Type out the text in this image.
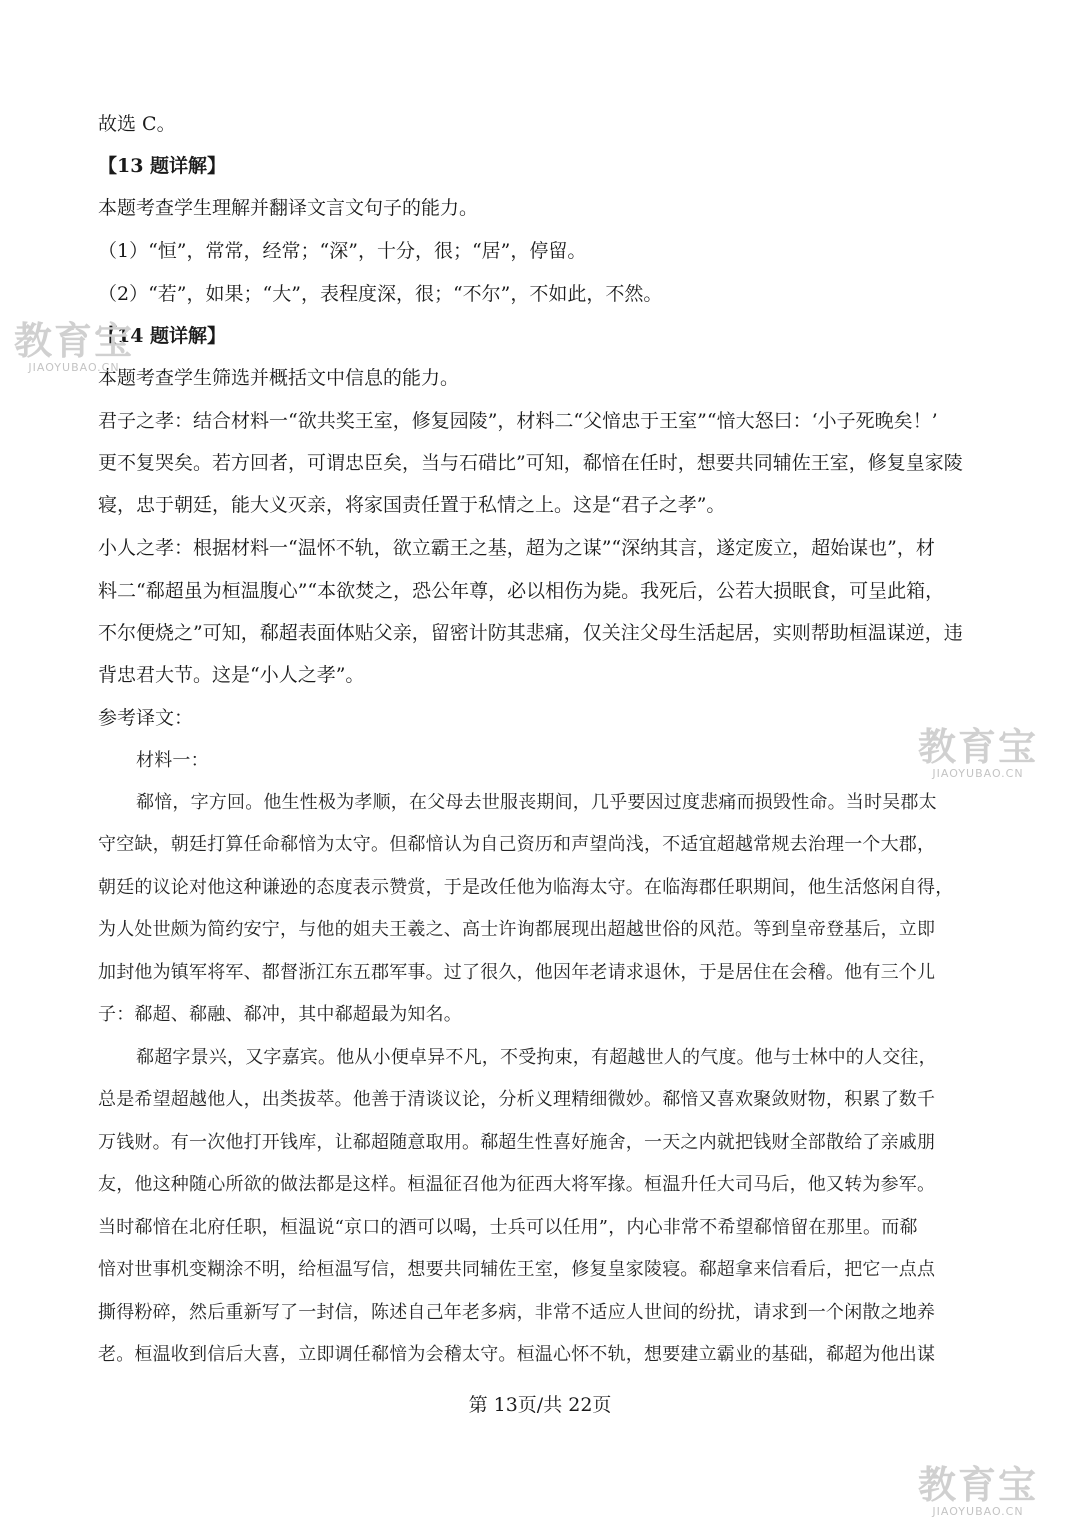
故选 C。
【13 题详解】
本题考查学生理解并翻译文言文句子的能力。
（1）“恒”，常常，经常；“深”，十分，很；“居”，停留。
（2）“若”，如果；“大”，表程度深，很；“不尔”，不如此，不然。
【14 题详解】
本题考查学生筛选并概括文中信息的能力。
君子之孝：结合材料一“欲共奖王室，修复园陵”，材料二“父愔忠于王室”“愔大怒曰：‘小子死晚矣！’
更不复哭矣。若方回者，可谓忠臣矣，当与石碏比”可知，郗愔在任时，想要共同辅佐王室，修复皇家陵
寝，忠于朝廷，能大义灭亲，将家国责任置于私情之上。这是“君子之孝”。
小人之孝：根据材料一“温怀不轨，欲立霸王之基，超为之谋”“深纳其言，遂定废立，超始谋也”，材
料二“郗超虽为桓温腹心”“本欲焚之，恐公年尊，必以相伤为毙。我死后，公若大损眠食，可呈此箱，
不尔便烧之”可知，郗超表面体贴父亲，留密计防其悲痛，仅关注父母生活起居，实则帮助桓温谋逆，违
背忠君大节。这是“小人之孝”。
参考译文：
材料一：
郗愔，字方回。他生性极为孝顺，在父母去世服丧期间，几乎要因过度悲痛而损毁性命。当时吴郡太
守空缺，朝廷打算任命郗愔为太守。但郗愔认为自己资历和声望尚浅，不适宜超越常规去治理一个大郡，
朝廷的议论对他这种谦逊的态度表示赞赏，于是改任他为临海太守。在临海郡任职期间，他生活悠闲自得，
为人处世颇为简约安宁，与他的姐夫王羲之、高士许询都展现出超越世俗的风范。等到皇帝登基后，立即
加封他为镇军将军、都督浙江东五郡军事。过了很久，他因年老请求退休，于是居住在会稽。他有三个儿
子：郗超、郗融、郗冲，其中郗超最为知名。
郗超字景兴，又字嘉宾。他从小便卓异不凡，不受拘束，有超越世人的气度。他与士林中的人交往，
总是希望超越他人，出类拔萃。他善于清谈议论，分析义理精细微妙。郗愔又喜欢聚敛财物，积累了数千
万钱财。有一次他打开钱库，让郗超随意取用。郗超生性喜好施舍，一天之内就把钱财全部散给了亲戚朋
友，他这种随心所欲的做法都是这样。桓温征召他为征西大将军掾。桓温升任大司马后，他又转为参军。
当时郗愔在北府任职，桓温说“京口的酒可以喝，士兵可以任用”，内心非常不希望郗愔留在那里。而郗
愔对世事机变糊涂不明，给桓温写信，想要共同辅佐王室，修复皇家陵寝。郗超拿来信看后，把它一点点
撕得粉碎，然后重新写了一封信，陈述自己年老多病，非常不适应人世间的纷扰，请求到一个闲散之地养
老。桓温收到信后大喜，立即调任郗愔为会稽太守。桓温心怀不轨，想要建立霸业的基础，郗超为他出谋
第 13页/共 22页
教育宝
JIAOYUBAO.CN
教育宝
JIAOYUBAO.CN
教育宝
JIAOYUBAO.CN
